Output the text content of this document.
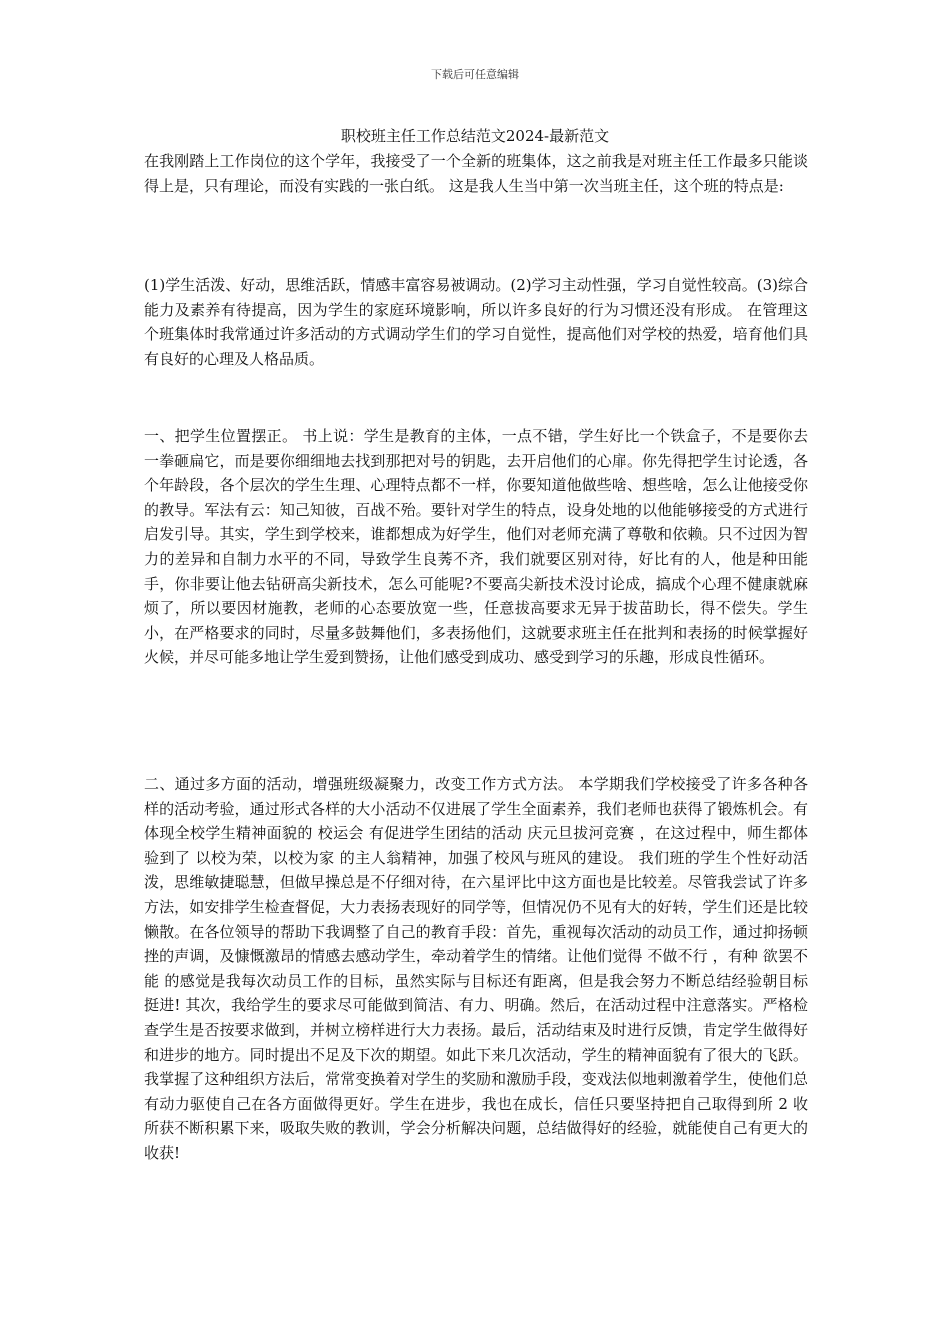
下载后可任意编辑
职校班主任工作总结范文2024-最新范文

在我刚踏上工作岗位的这个学年，我接受了一个全新的班集体，这之前我是对班主任工作最多只能谈得上是，只有理论，而没有实践的一张白纸。 这是我人生当中第一次当班主任，这个班的特点是:

(1)学生活泼、好动，思维活跃，情感丰富容易被调动。(2)学习主动性强，学习自觉性较高。(3)综合能力及素养有待提高，因为学生的家庭环境影响，所以许多良好的行为习惯还没有形成。 在管理这个班集体时我常通过许多活动的方式调动学生们的学习自觉性，提高他们对学校的热爱，培育他们具有良好的心理及人格品质。

一、把学生位置摆正。 书上说：学生是教育的主体，一点不错，学生好比一个铁盒子，不是要你去一拳砸扁它，而是要你细细地去找到那把对号的钥匙，去开启他们的心扉。你先得把学生讨论透，各个年龄段，各个层次的学生生理、心理特点都不一样，你要知道他做些啥、想些啥，怎么让他接受你的教导。军法有云：知己知彼，百战不殆。要针对学生的特点，设身处地的以他能够接受的方式进行启发引导。其实，学生到学校来，谁都想成为好学生，他们对老师充满了尊敬和依赖。只不过因为智力的差异和自制力水平的不同，导致学生良莠不齐，我们就要区别对待，好比有的人，他是种田能手，你非要让他去钻研高尖新技术，怎么可能呢?不要高尖新技术没讨论成，搞成个心理不健康就麻烦了，所以要因材施教，老师的心态要放宽一些，任意拔高要求无异于拔苗助长，得不偿失。学生小，在严格要求的同时，尽量多鼓舞他们，多表扬他们，这就要求班主任在批判和表扬的时候掌握好火候，并尽可能多地让学生爱到赞扬，让他们感受到成功、感受到学习的乐趣，形成良性循环。

二、通过多方面的活动，增强班级凝聚力，改变工作方式方法。 本学期我们学校接受了许多各种各样的活动考验，通过形式各样的大小活动不仅进展了学生全面素养，我们老师也获得了锻炼机会。有体现全校学生精神面貌的 校运会 有促进学生团结的活动 庆元旦拔河竞赛 ，在这过程中，师生都体验到了 以校为荣，以校为家 的主人翁精神，加强了校风与班风的建设。 我们班的学生个性好动活泼，思维敏捷聪慧，但做早操总是不仔细对待，在六星评比中这方面也是比较差。尽管我尝试了许多方法，如安排学生检查督促，大力表扬表现好的同学等，但情况仍不见有大的好转，学生们还是比较懒散。在各位领导的帮助下我调整了自己的教育手段：首先，重视每次活动的动员工作，通过抑扬顿挫的声调，及慷慨激昂的情感去感动学生，牵动着学生的情绪。让他们觉得 不做不行 ，有种 欲罢不能 的感觉是我每次动员工作的目标，虽然实际与目标还有距离，但是我会努力不断总结经验朝目标挺进! 其次，我给学生的要求尽可能做到简洁、有力、明确。然后，在活动过程中注意落实。严格检查学生是否按要求做到，并树立榜样进行大力表扬。最后，活动结束及时进行反馈，肯定学生做得好和进步的地方。同时提出不足及下次的期望。如此下来几次活动，学生的精神面貌有了很大的飞跃。我掌握了这种组织方法后，常常变换着对学生的奖励和激励手段，变戏法似地刺激着学生，使他们总有动力驱使自己在各方面做得更好。学生在进步，我也在成长，信任只要坚持把自己取得到所 2 收所获不断积累下来，吸取失败的教训，学会分析解决问题，总结做得好的经验，就能使自己有更大的收获!
